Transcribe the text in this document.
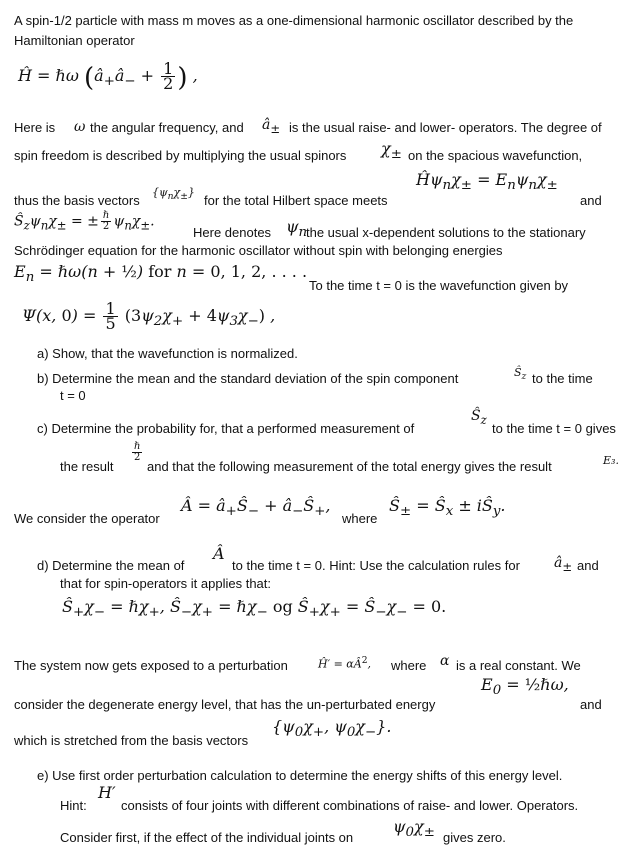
A spin-1/2 particle with mass m moves as a one-dimensional harmonic oscillator described by the
Hamiltonian operator
Ĥ = ℏω ($â_+â_- + \frac{1}{2}$ ) ,
Here is ω the angular frequency, and $â_\pm$ is the usual raise- and lower- operators. The degree of
spin freedom is described by multiplying the usual spinors $\chi_\pm$ on the spacious wavefunction,
$Ĥ\psi_n\chi_\pm = E_n\psi_n\chi_\pm$
$\{\psi_n\chi_\pm\}$
thus the basis vectors	for the total Hilbert space meets	and
$Ŝ_z\psi_n\chi_\pm$ = ± $\frac{\text{ℏ}}{2} \psi_n\chi_\pm$.
Here denotes $\psi_n$
the usual x-dependent solutions to the stationary
Schrödinger equation for the harmonic oscillator without spin with belonging energies
$E_n$ = ℏω(n + ½) for n = 0, 1, 2, . . . .
To the time t = 0 is the wavefunction given by
Ψ(x, $0) = \frac{1}{5} (3\psi_2\chi_+ + 4\psi_3\chi_-)$ ,
a) Show, that the wavefunction is normalized.
b) Determine the mean and the standard deviation of the spin component	$Ŝ_z$ to the time
t = 0
c) Determine the probability for, that a performed measurement of
$Ŝ_z$
to the time t = 0 gives
the result
$\frac{\text{ℏ}}{2}$
and that the following measurement of the total energy gives the result	E₃.
We consider the operator
Â = $â_+Ŝ_-$ + $â_-Ŝ_+$,
where
$Ŝ_\pm$ = $Ŝ_x$ ± $iŜ_y$.
d) Determine the mean of
Â
to the time t = 0. Hint: Use the calculation rules for $â_\pm$ and
that for spin-operators it applies that:
$Ŝ_+\chi_-$ = ℏχ$_+$, $Ŝ_-\chi_+$ = ℏχ$_-$ og $Ŝ_+\chi_+$ = $Ŝ_-\chi_- = 0$.
The system now gets exposed to a perturbation	Ĥ′ = $\alpha Â^2$, where α is a real constant. We
$E_0$ = ½ℏω,
consider the degenerate energy level, that has the un-perturbated energy	and
{$\psi_0\chi_+$, $\psi_0\chi_-$}.
which is stretched from the basis vectors
e) Use first order perturbation calculation to determine the energy shifts of this energy level.
Hint:
H′
consists of four joints with different combinations of raise- and lower. Operators.
Consider first, if the effect of the individual joints on
$\psi_0\chi_\pm$ gives zero.
